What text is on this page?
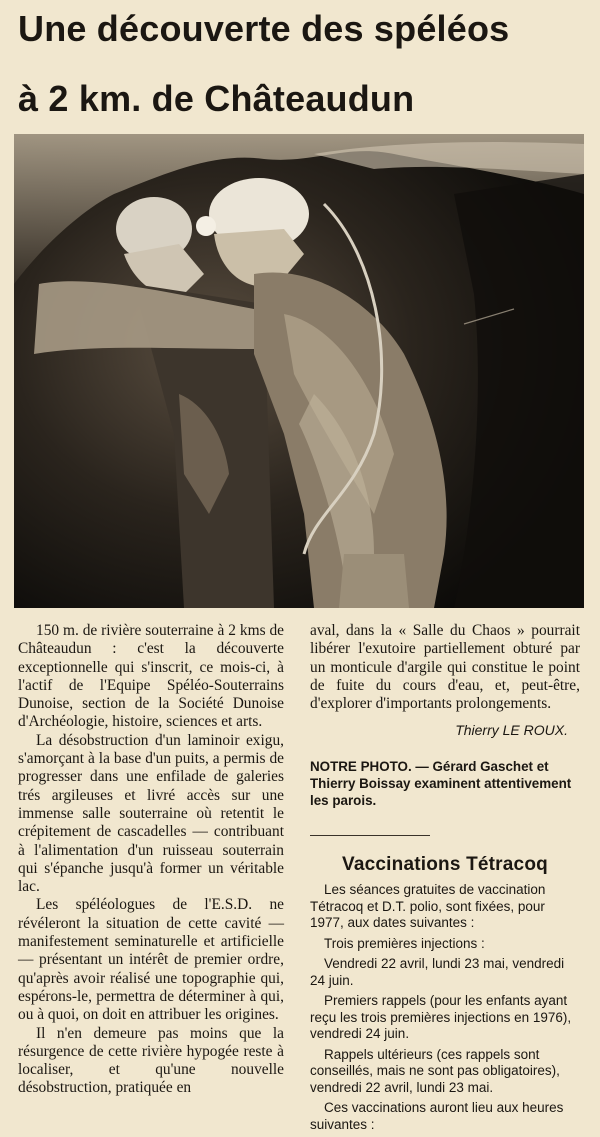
Une découverte des spéléos
à 2 km. de Châteaudun

150 m. de rivière souterraine à 2 kms de Châteaudun : c'est la découverte exceptionnelle qui s'inscrit, ce mois-ci, à l'actif de l'Equipe Spéléo-Souterrains Dunoise, section de la Société Dunoise d'Archéologie, histoire, sciences et arts.

La désobstruction d'un laminoir exigu, s'amorçant à la base d'un puits, a permis de progresser dans une enfilade de galeries trés argileuses et livré accès sur une immense salle souterraine où retentit le crépitement de cascadelles — contribuant à l'alimentation d'un ruisseau souterrain qui s'épanche jusqu'à former un véritable lac.

Les spéléologues de l'E.S.D. ne révéleront la situation de cette cavité — manifestement seminaturelle et artificielle — présentant un intérêt de premier ordre, qu'après avoir réalisé une topographie qui, espérons-le, permettra de déterminer à qui, ou à quoi, on doit en attribuer les origines.

Il n'en demeure pas moins que la résurgence de cette rivière hypogée reste à localiser, et qu'une nouvelle désobstruction, pratiquée en

aval, dans la « Salle du Chaos » pourrait libérer l'exutoire partiellement obturé par un monticule d'argile qui constitue le point de fuite du cours d'eau, et, peut-être, d'explorer d'importants prolongements.

Thierry LE ROUX.
NOTRE PHOTO. — Gérard Gaschet et Thierry Boissay examinent attentivement les parois.
Vaccinations Tétracoq

Les séances gratuites de vaccination Tétracoq et D.T. polio, sont fixées, pour 1977, aux dates suivantes :

Trois premières injections :

Vendredi 22 avril, lundi 23 mai, vendredi 24 juin.

Premiers rappels (pour les enfants ayant reçu les trois premières injections en 1976), vendredi 24 juin.

Rappels ultérieurs (ces rappels sont conseillés, mais ne sont pas obligatoires), vendredi 22 avril, lundi 23 mai.

Ces vaccinations auront lieu aux heures suivantes :
